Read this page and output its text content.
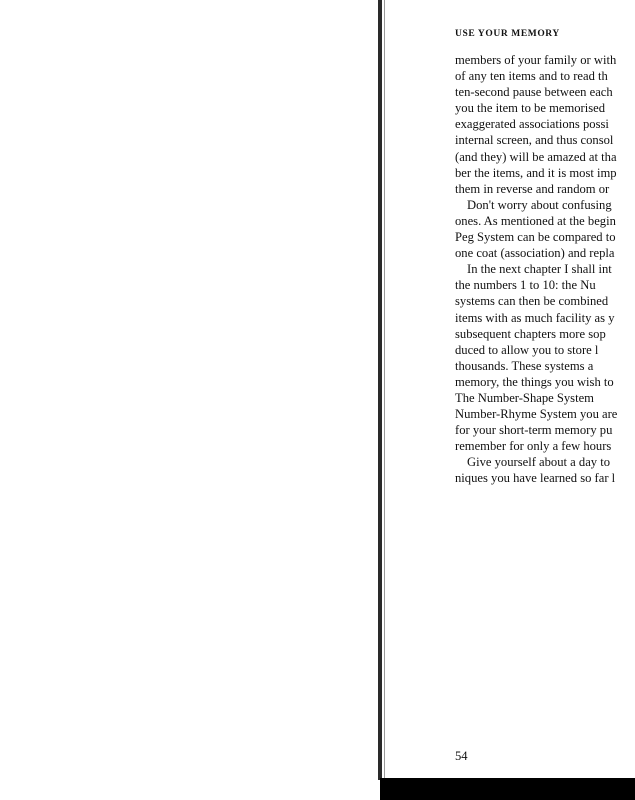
USE YOUR MEMORY
members of your family or with
of any ten items and to read th
ten-second pause between each
you the item to be memorised
exaggerated associations possi
internal screen, and thus consol
(and they) will be amazed at tha
ber the items, and it is most imp
them in reverse and random or
Don't worry about confusing
ones. As mentioned at the begin
Peg System can be compared to
one coat (association) and repla
In the next chapter I shall int
the numbers 1 to 10: the Nu
systems can then be combined
items with as much facility as y
subsequent chapters more sop
duced to allow you to store l
thousands. These systems a
memory, the things you wish to
The Number-Shape System
Number-Rhyme System you are
for your short-term memory pu
remember for only a few hours
Give yourself about a day to
niques you have learned so far l
54
